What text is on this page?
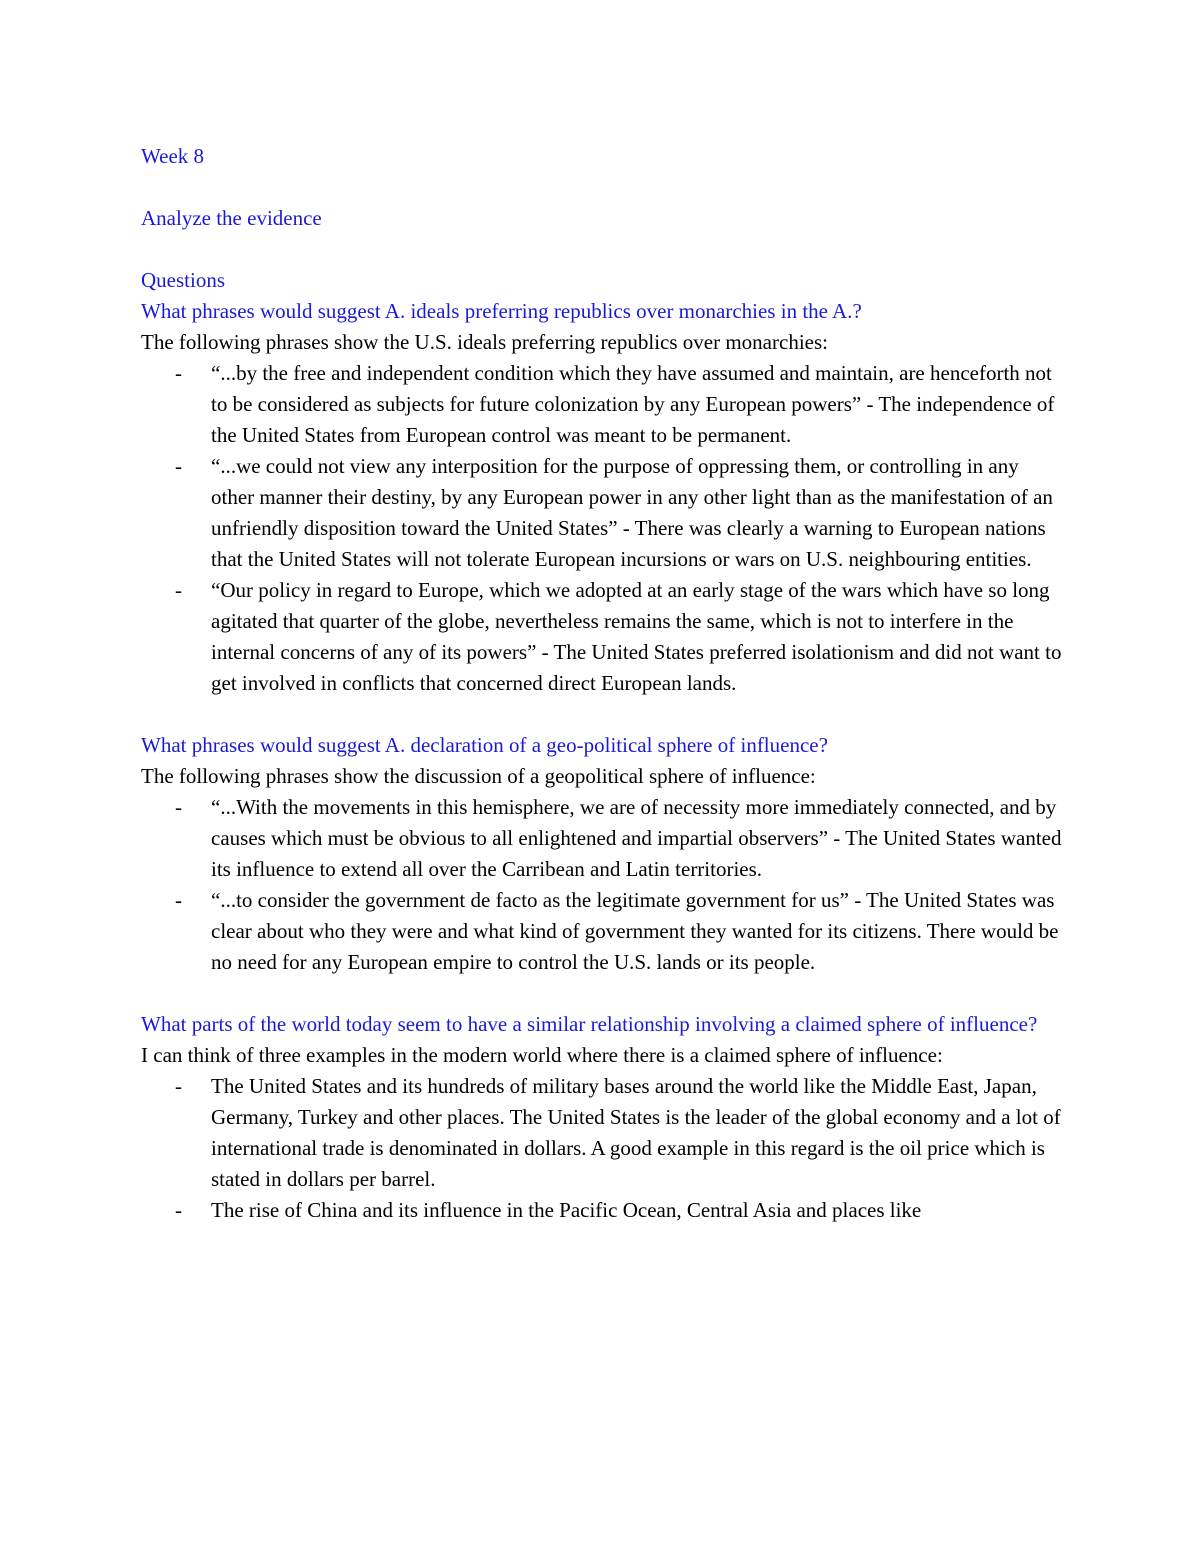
Week 8

Analyze the evidence

Questions

What phrases would suggest A. ideals preferring republics over monarchies in the A.?

The following phrases show the U.S. ideals preferring republics over monarchies:

- “...by the free and independent condition which they have assumed and maintain, are henceforth not to be considered as subjects for future colonization by any European powers” - The independence of the United States from European control was meant to be permanent.
- “...we could not view any interposition for the purpose of oppressing them, or controlling in any other manner their destiny, by any European power in any other light than as the manifestation of an unfriendly disposition toward the United States” - There was clearly a warning to European nations that the United States will not tolerate European incursions or wars on U.S. neighbouring entities.
- “Our policy in regard to Europe, which we adopted at an early stage of the wars which have so long agitated that quarter of the globe, nevertheless remains the same, which is not to interfere in the internal concerns of any of its powers” - The United States preferred isolationism and did not want to get involved in conflicts that concerned direct European lands.

What phrases would suggest A. declaration of a geo-political sphere of influence?

The following phrases show the discussion of a geopolitical sphere of influence:

- “...With the movements in this hemisphere, we are of necessity more immediately connected, and by causes which must be obvious to all enlightened and impartial observers” - The United States wanted its influence to extend all over the Carribean and Latin territories.
- “...to consider the government de facto as the legitimate government for us” - The United States was clear about who they were and what kind of government they wanted for its citizens. There would be no need for any European empire to control the U.S. lands or its people.

What parts of the world today seem to have a similar relationship involving a claimed sphere of influence?

I can think of three examples in the modern world where there is a claimed sphere of influence:

- The United States and its hundreds of military bases around the world like the Middle East, Japan, Germany, Turkey and other places. The United States is the leader of the global economy and a lot of international trade is denominated in dollars. A good example in this regard is the oil price which is stated in dollars per barrel.
- The rise of China and its influence in the Pacific Ocean, Central Asia and places like
